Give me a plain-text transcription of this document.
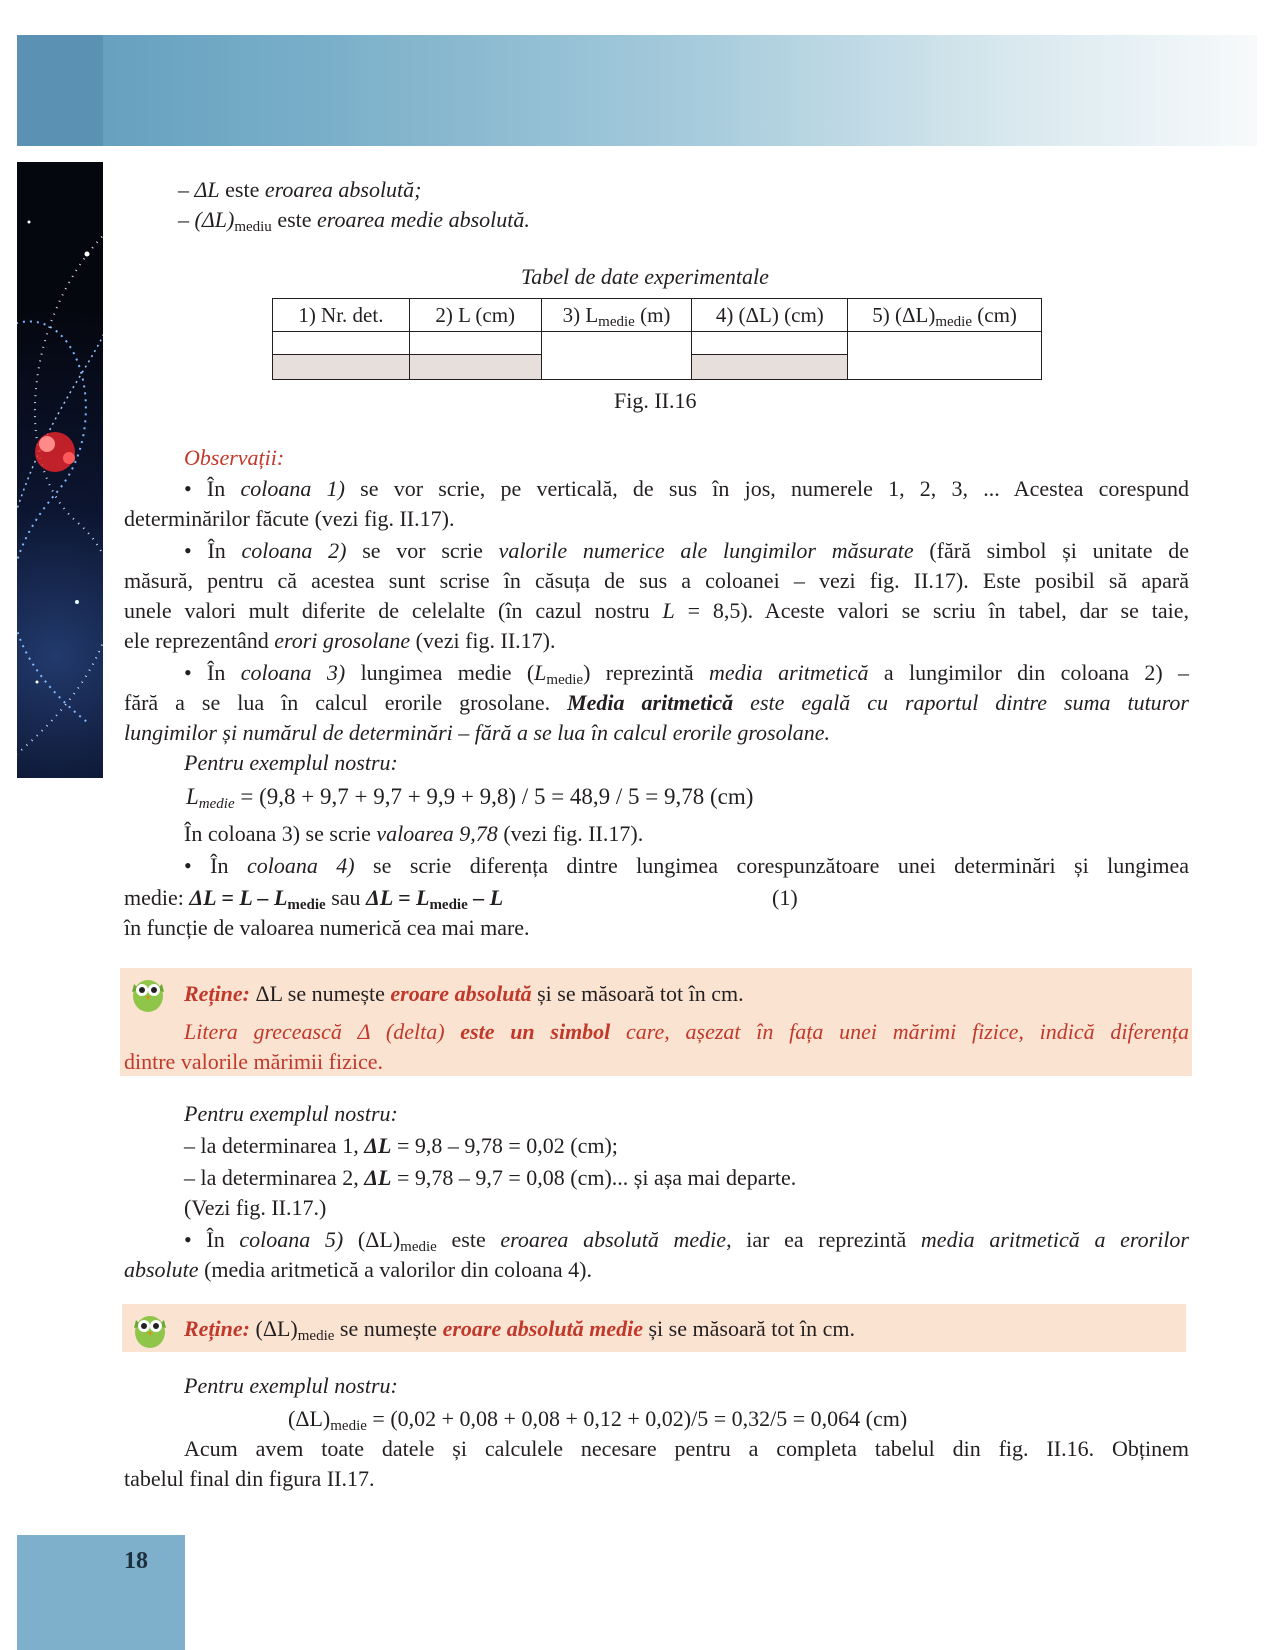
– ΔL este eroarea absolută;
– $(\Delta L)_{mediu}$ este eroarea medie absolută.
Tabel de date experimentale
1) Nr. det.	2) L (cm)	3) $L_{medie}$ (m)	4) (ΔL) (cm)	5) $(\Delta L)_{medie}$ (cm)

Fig. II.16
Observații:
• În coloana 1) se vor scrie, pe verticală, de sus în jos, numerele 1, 2, 3, ... Acestea corespund
determinărilor făcute (vezi fig. II.17).
• În coloana 2) se vor scrie valorile numerice ale lungimilor măsurate (fără simbol și unitate de
măsură, pentru că acestea sunt scrise în căsuța de sus a coloanei – vezi fig. II.17). Este posibil să apară
unele valori mult diferite de celelalte (în cazul nostru L = 8,5). Aceste valori se scriu în tabel, dar se taie,
ele reprezentând erori grosolane (vezi fig. II.17).
• În coloana 3) lungimea medie $(L_{medie})$ reprezintă media aritmetică a lungimilor din coloana 2) –
fără a se lua în calcul erorile grosolane. Media aritmetică este egală cu raportul dintre suma tuturor
lungimilor și numărul de determinări – fără a se lua în calcul erorile grosolane.
Pentru exemplul nostru:
$L_{medie} = (9,8 + 9,7 + 9,7 + 9,9 + 9,8) / 5 = 48,9 / 5 = 9,78$ (cm)
În coloana 3) se scrie valoarea 9,78 (vezi fig. II.17).
• În coloana 4) se scrie diferența dintre lungimea corespunzătoare unei determinări și lungimea
medie: $\Delta L = L - L_{medie}$ sau $\Delta L = L_{medie} - L$	(1)
în funcție de valoarea numerică cea mai mare.
Reține: ΔL se numește eroare absolută și se măsoară tot în cm.
Litera grecească Δ (delta) este un simbol care, așezat în fața unei mărimi fizice, indică diferența
dintre valorile mărimii fizice.
Pentru exemplul nostru:
– la determinarea 1, ΔL = 9,8 – 9,78 = 0,02 (cm);
– la determinarea 2, ΔL = 9,78 – 9,7 = 0,08 (cm)... și așa mai departe.
(Vezi fig. II.17.)
• În coloana 5) $(\Delta L)_{medie}$ este eroarea absolută medie, iar ea reprezintă media aritmetică a erorilor
absolute (media aritmetică a valorilor din coloana 4).
Reține: $(\Delta L)_{medie}$ se numește eroare absolută medie și se măsoară tot în cm.
Pentru exemplul nostru:
$(\Delta L)_{medie} = (0,02 + 0,08 + 0,08 + 0,12 + 0,02)/5 = 0,32/5 = 0,064$ (cm)
Acum avem toate datele și calculele necesare pentru a completa tabelul din fig. II.16. Obținem
tabelul final din figura II.17.
18
